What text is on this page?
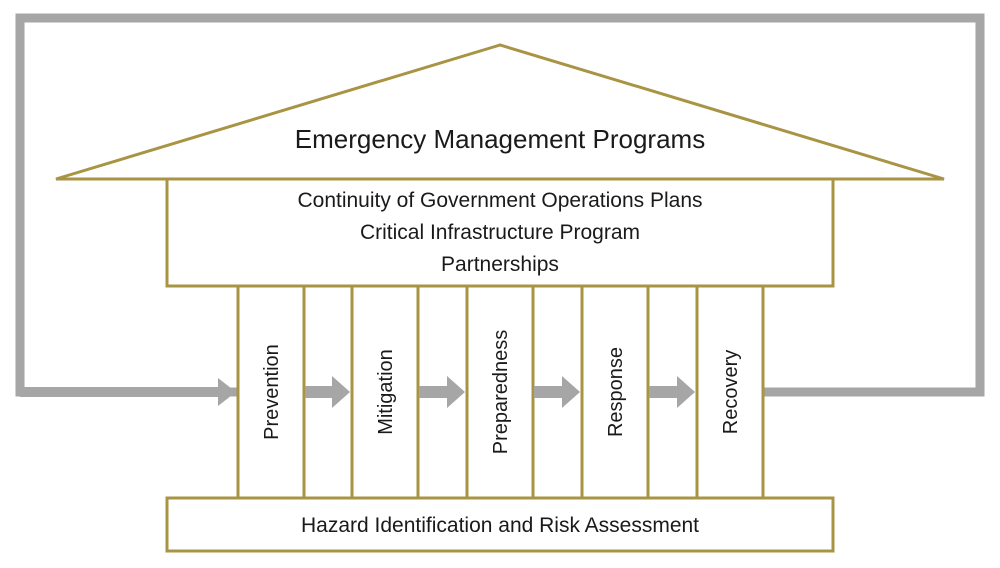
Emergency Management Programs
Continuity of Government Operations Plans
Critical Infrastructure Program
Partnerships
Prevention	Mitigation	Preparedness	Response	Recovery
Hazard Identification and Risk Assessment
